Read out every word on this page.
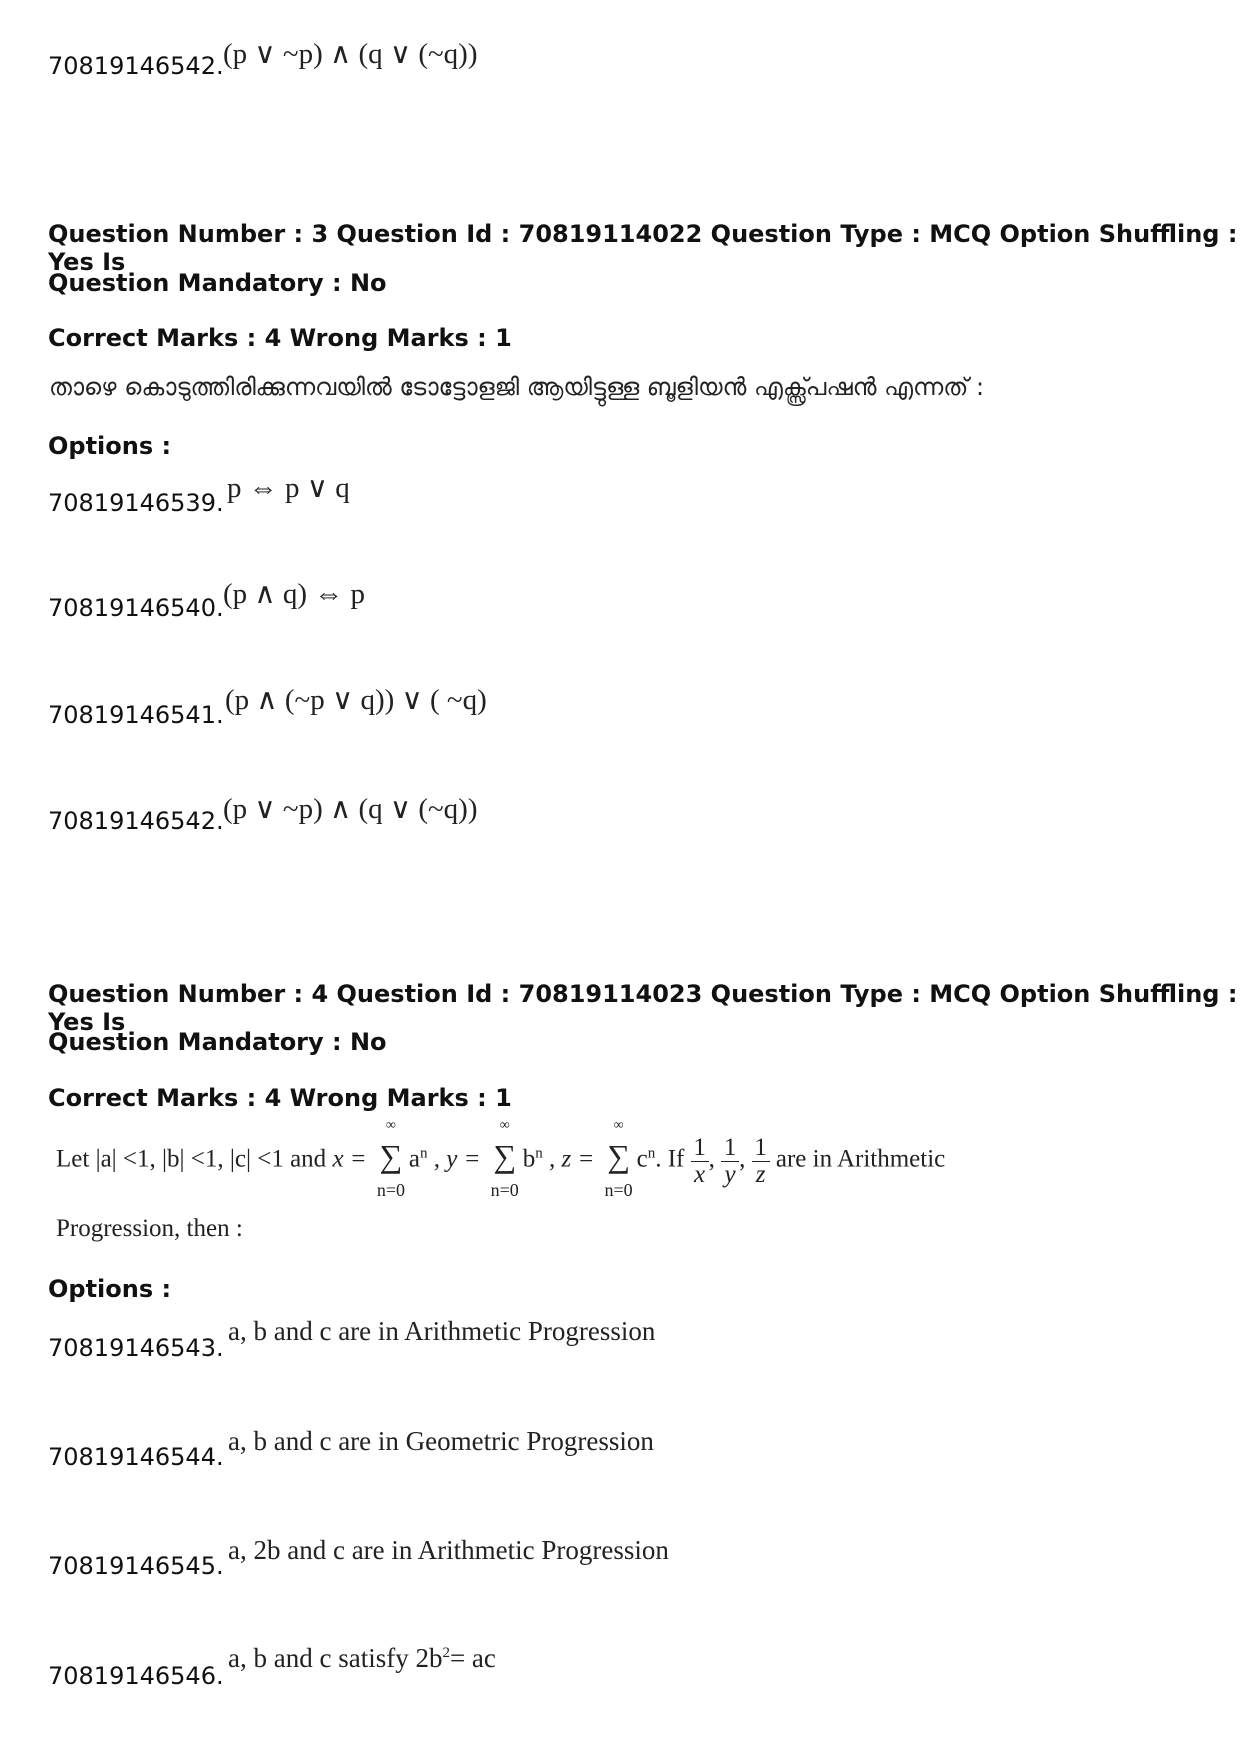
70819146542. (p ∨ ~p) ∧ (q ∨ (~q))
Question Number : 3 Question Id : 70819114022 Question Type : MCQ Option Shuffling : Yes Is
Question Mandatory : No
Correct Marks : 4 Wrong Marks : 1
താഴെ കൊടുത്തിരിക്കുന്നവയിൽ ടോട്ടോളജി ആയിട്ടുള്ള ബൂളിയൻ എക്സ്പ്രഷൻ എന്നത് :
Options :
70819146539. p ⇔ p ∨ q
70819146540. (p ∧ q) ⇔ p
70819146541. (p ∧ (~p ∨ q)) ∨ ( ~q)
70819146542. (p ∨ ~p) ∧ (q ∨ (~q))
Question Number : 4 Question Id : 70819114023 Question Type : MCQ Option Shuffling : Yes Is
Question Mandatory : No
Correct Marks : 4 Wrong Marks : 1
Let |a| <1, |b| <1, |c| <1 and x =
∞
∑
n=0
$a^n$ , y =
∞
∑
n=0
$b^n$ , z =
∞
∑
n=0
$c^n$. If $\frac{1}{x}$ , $\frac{1}{y}$ , $\frac{1}{z}$ are in Arithmetic
Progression, then :
Options :
70819146543.
a, b and c are in Arithmetic Progression
70819146544.
a, b and c are in Geometric Progression
70819146545.
a, 2b and c are in Arithmetic Progression
70819146546.
a, b and c satisfy $2b^2=$ ac
